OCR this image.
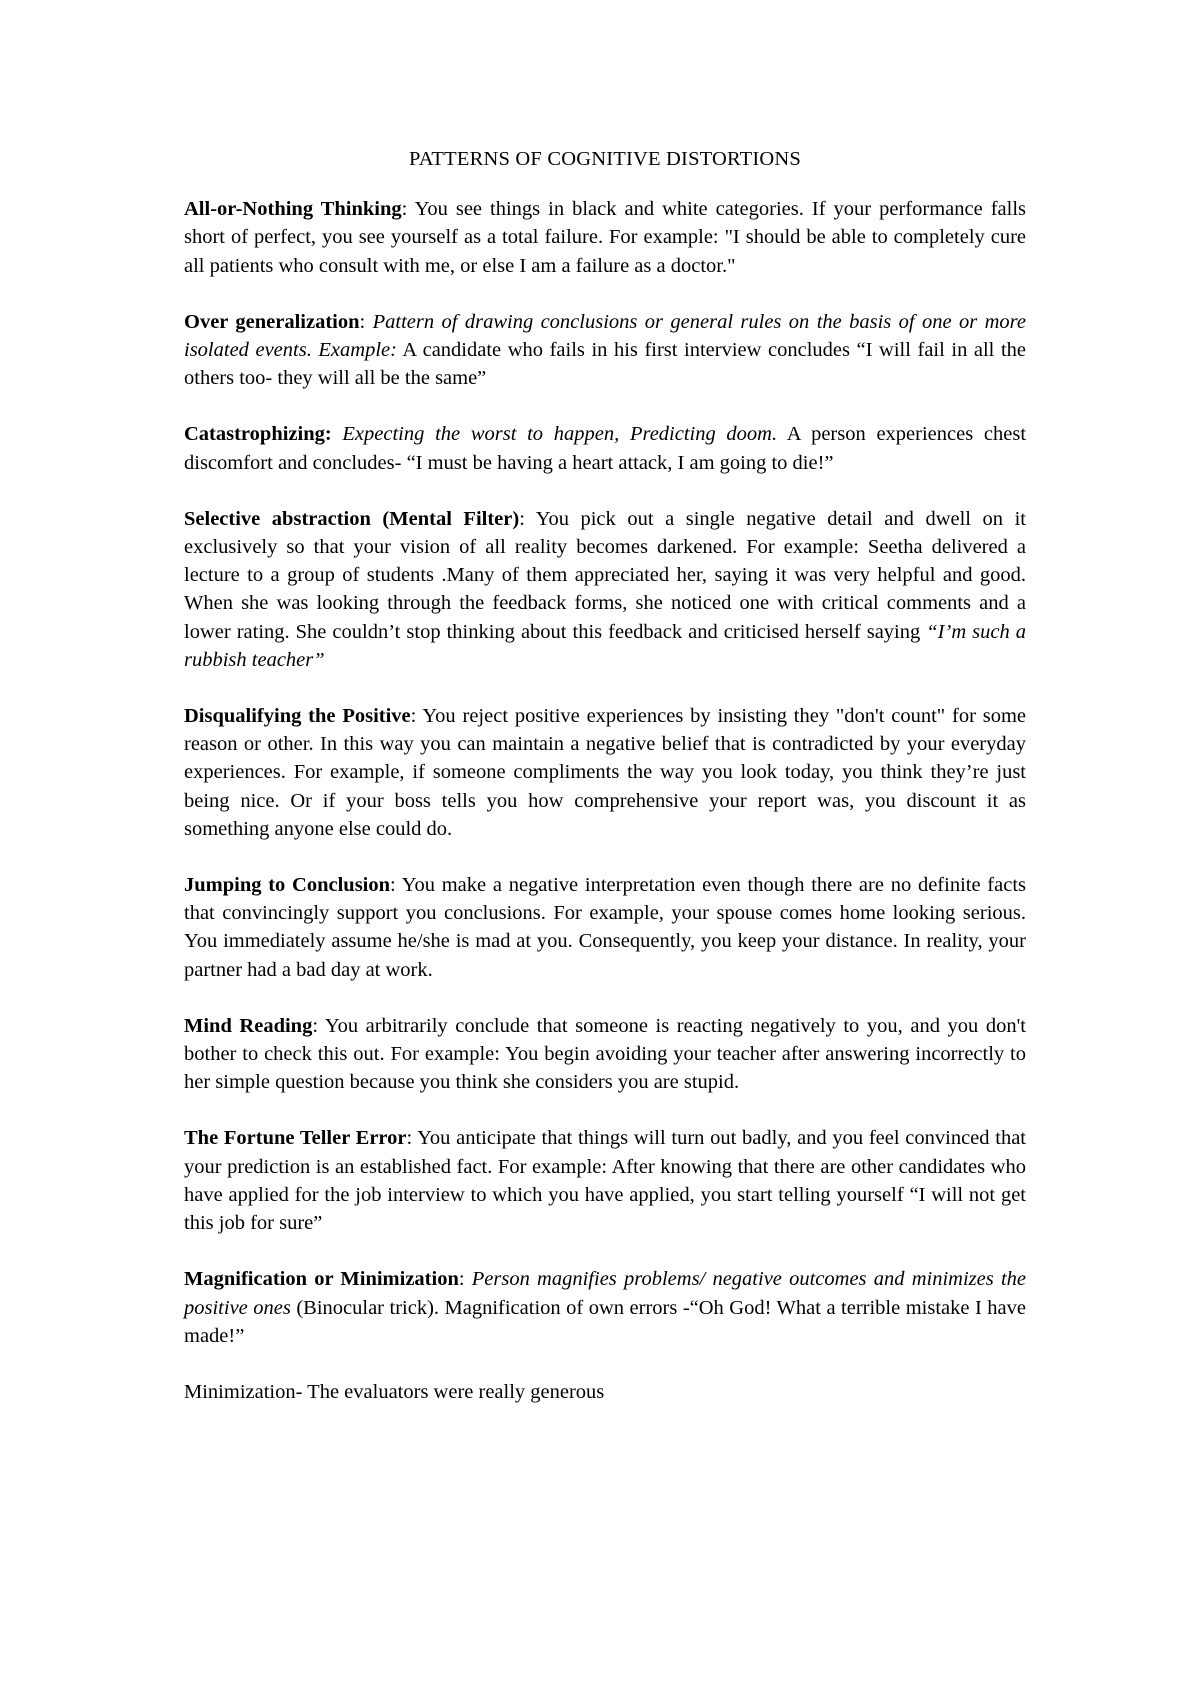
PATTERNS OF COGNITIVE DISTORTIONS

All-or-Nothing Thinking: You see things in black and white categories. If your performance falls short of perfect, you see yourself as a total failure. For example: "I should be able to completely cure all patients who consult with me, or else I am a failure as a doctor."

Over generalization: Pattern of drawing conclusions or general rules on the basis of one or more isolated events. Example: A candidate who fails in his first interview concludes “I will fail in all the others too- they will all be the same”

Catastrophizing: Expecting the worst to happen, Predicting doom. A person experiences chest discomfort and concludes- “I must be having a heart attack, I am going to die!”

Selective abstraction (Mental Filter): You pick out a single negative detail and dwell on it exclusively so that your vision of all reality becomes darkened. For example: Seetha delivered a lecture to a group of students .Many of them appreciated her, saying it was very helpful and good. When she was looking through the feedback forms, she noticed one with critical comments and a lower rating. She couldn’t stop thinking about this feedback and criticised herself saying “I’m such a rubbish teacher”

Disqualifying the Positive: You reject positive experiences by insisting they "don't count" for some reason or other. In this way you can maintain a negative belief that is contradicted by your everyday experiences. For example, if someone compliments the way you look today, you think they’re just being nice. Or if your boss tells you how comprehensive your report was, you discount it as something anyone else could do.

Jumping to Conclusion: You make a negative interpretation even though there are no definite facts that convincingly support you conclusions. For example, your spouse comes home looking serious. You immediately assume he/she is mad at you. Consequently, you keep your distance. In reality, your partner had a bad day at work.

Mind Reading: You arbitrarily conclude that someone is reacting negatively to you, and you don't bother to check this out. For example: You begin avoiding your teacher after answering incorrectly to her simple question because you think she considers you are stupid.

The Fortune Teller Error: You anticipate that things will turn out badly, and you feel convinced that your prediction is an established fact. For example: After knowing that there are other candidates who have applied for the job interview to which you have applied, you start telling yourself “I will not get this job for sure”

Magnification or Minimization: Person magnifies problems/ negative outcomes and minimizes the positive ones (Binocular trick). Magnification of own errors -“Oh God! What a terrible mistake I have made!”

Minimization- The evaluators were really generous
